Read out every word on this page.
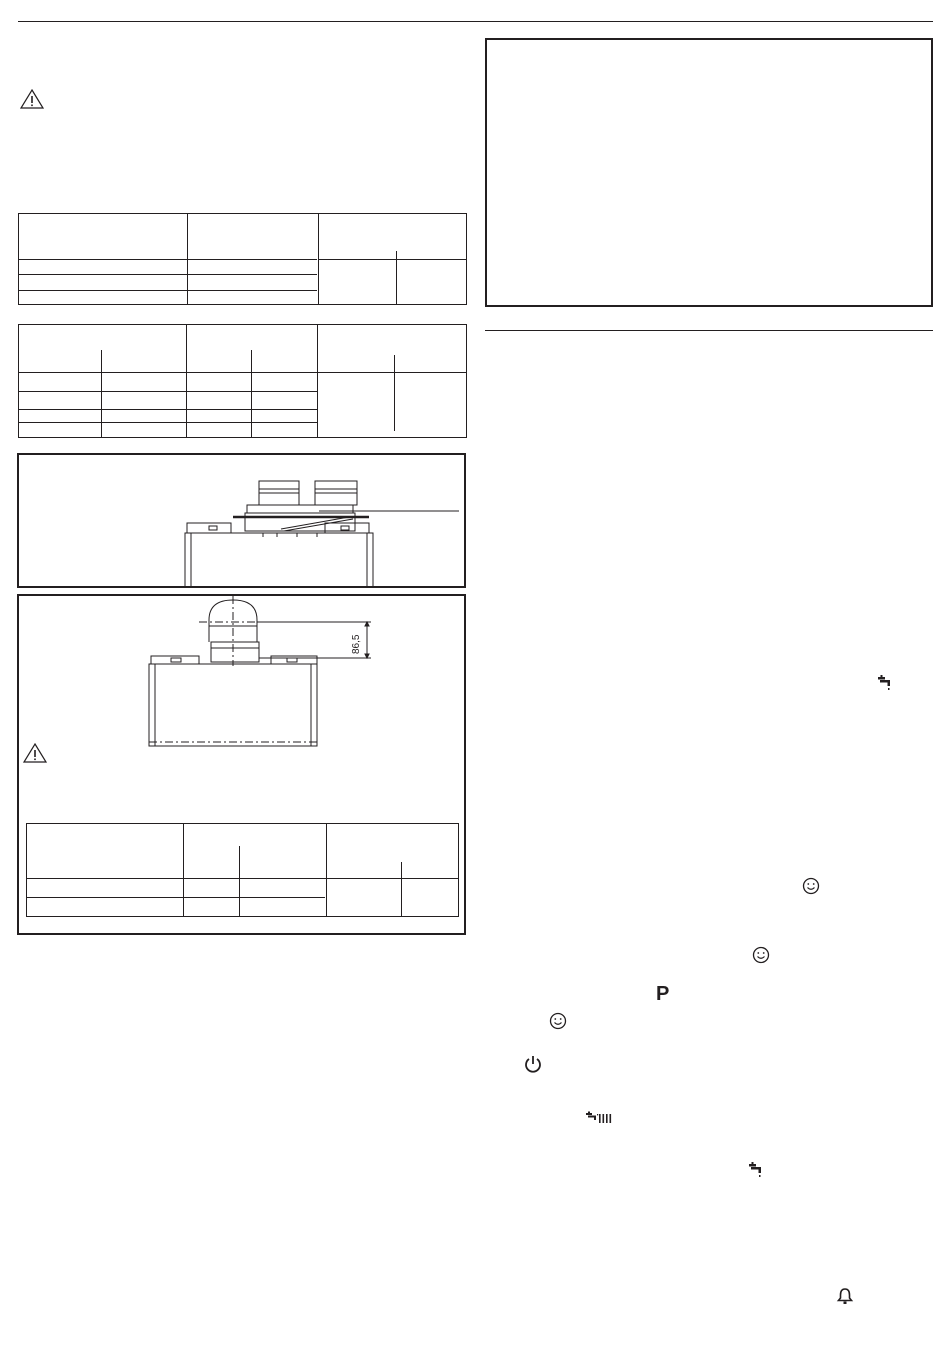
86,5
P
